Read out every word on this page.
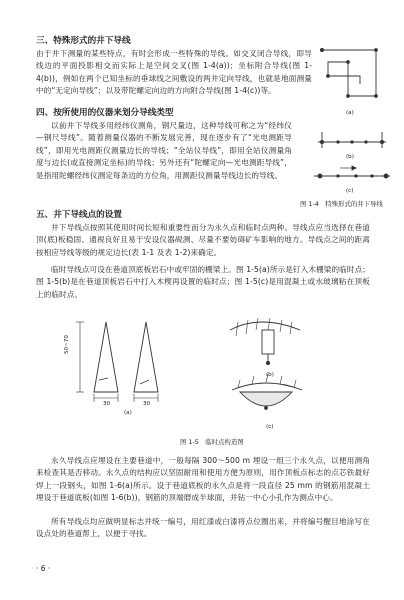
三、特殊形式的井下导线
由于井下测量的某些特点，有时会形成一些特殊的导线。如交叉闭合导线，即导线边的平面投影相交而实际上是空间交叉(图 1-4(a))；坐标附合导线(图 1-4(b))，例如在两个已知坐标的垂球线之间敷设的两井定向导线，也就是地面测量中的“无定向导线”；以及带陀螺定向边的方向附合导线(图 1-4(c))等。
四、按所使用的仪器来划分导线类型
以前井下导线多用经纬仪测角，钢尺量边，这种导线可称之为“经纬仪—钢尺导线”。随着测量仪器的不断发展完善，现在逐步有了“光电测距导线”，即用光电测距仪测量边长的导线；“全站仪导线”，即用全站仪测量角度与边长(或直接测定坐标)的导线；另外还有“陀螺定向—光电测距导线”，是指用陀螺经纬仪测定每条边的方位角，用测距仪测量导线边长的导线。
(a)
(b)
(c)
图 1-4　特殊形式的井下导线
五、井下导线点的设置
井下导线点按照其使用时间长短和重要性而分为永久点和临时点两种。导线点应当选择在巷道顶(底)板稳固、通视良好且易于安设仪器觇测、尽量不要妨碍矿车影响的地方。导线点之间的距离按相应导线等级的规定边长(表 1-1 及表 1-2)来确定。
临时导线点可设在巷道顶底板岩石中或牢固的棚梁上。图 1-5(a)所示是钉入木棚梁的临时点；图 1-5(b)是在巷道顶板岩石中打入木楔再设置的临时点；图 1-5(c)是用混凝土或水玻璃粘在顶板上的临时点。
50~70
30	30
(a)
(b)
(c)
图 1-5　临时点构造图
永久导线点应埋设在主要巷道中，一般每隔 300～500 m 埋设一组三个永久点，以便用测角来检查其是否移动。永久点的结构应以坚固耐用和使用方便为原则，用作顶板点标志的点芯铁最好焊上一段钢头，如图 1-6(a)所示。设于巷道底板的永久点是将一段直径 25 mm 的钢筋用混凝土埋设于巷道底板(如图 1-6(b))，钢筋的顶端磨成半球面，并钻一中心小孔作为测点中心。
所有导线点均应做明显标志并统一编号，用红漆或白漆将点位圈出来，并将编号醒目地涂写在设点处的巷道帮上，以便于寻找。
· 6 ·
